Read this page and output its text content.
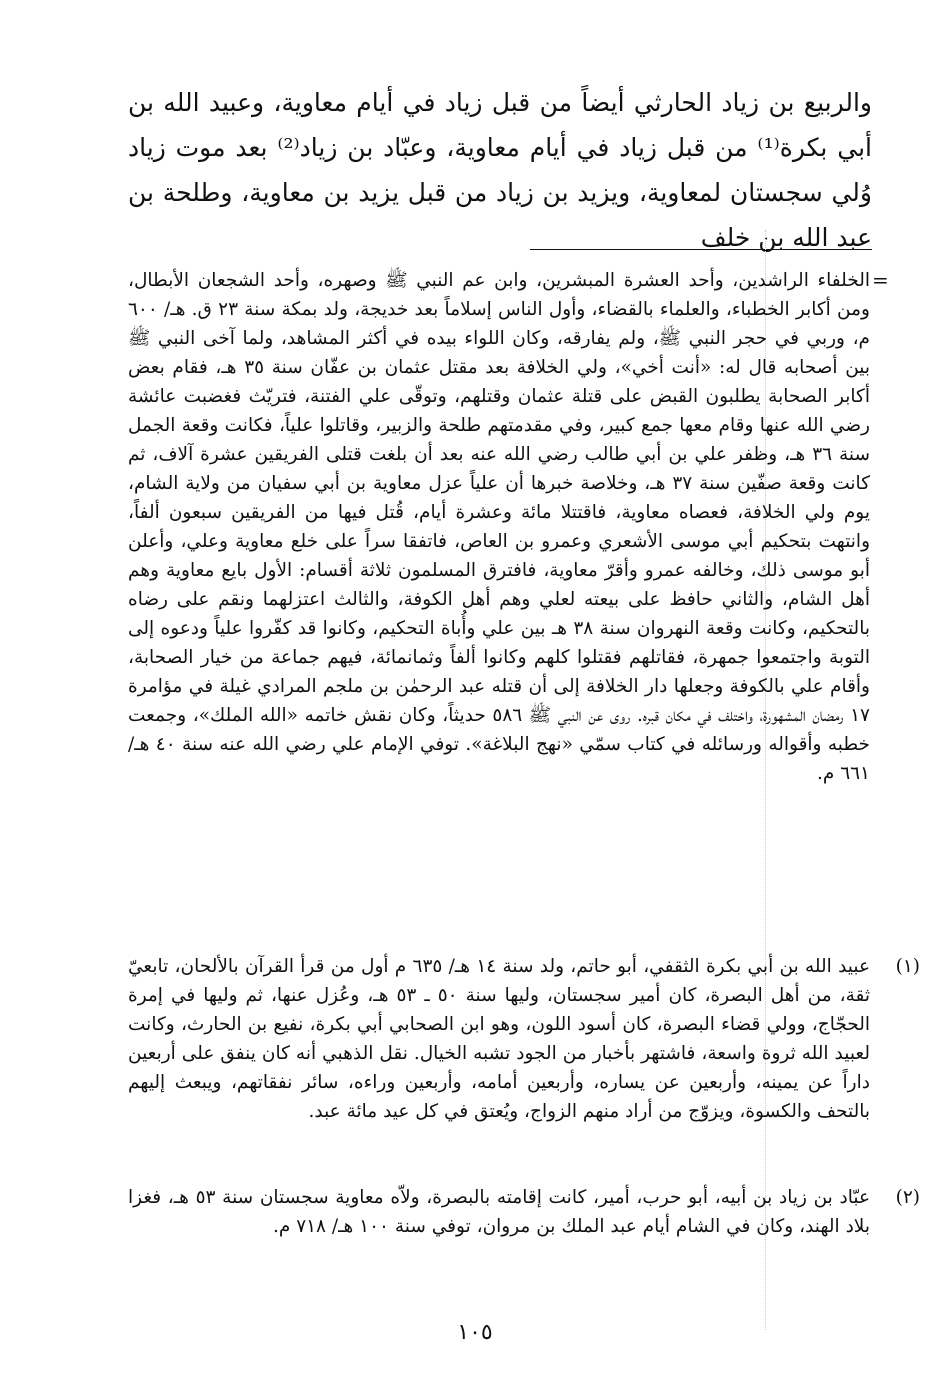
والربيع بن زياد الحارثي أيضاً من قبل زياد في أيام معاوية، وعبيد الله بن أبي بكرة⁽¹⁾ من قبل زياد في أيام معاوية، وعبّاد بن زياد⁽²⁾ بعد موت زياد وُلي سجستان لمعاوية، ويزيد بن زياد من قبل يزيد بن معاوية، وطلحة بن عبد الله بن خلف

=

الخلفاء الراشدين، وأحد العشرة المبشرين، وابن عم النبي ﷺ وصهره، وأحد الشجعان الأبطال، ومن أكابر الخطباء، والعلماء بالقضاء، وأول الناس إسلاماً بعد خديجة، ولد بمكة سنة ٢٣ ق. هـ/ ٦٠٠ م، وربي في حجر النبي ﷺ، ولم يفارقه، وكان اللواء بيده في أكثر المشاهد، ولما آخى النبي ﷺ بين أصحابه قال له: «أنت أخي»، ولي الخلافة بعد مقتل عثمان بن عفّان سنة ٣٥ هـ، فقام بعض أكابر الصحابة يطلبون القبض على قتلة عثمان وقتلهم، وتوقّى علي الفتنة، فتريّث فغضبت عائشة رضي الله عنها وقام معها جمع كبير، وفي مقدمتهم طلحة والزبير، وقاتلوا علياً، فكانت وقعة الجمل سنة ٣٦ هـ، وظفر علي بن أبي طالب رضي الله عنه بعد أن بلغت قتلى الفريقين عشرة آلاف، ثم كانت وقعة صفّين سنة ٣٧ هـ، وخلاصة خبرها أن علياً عزل معاوية بن أبي سفيان من ولاية الشام، يوم ولي الخلافة، فعصاه معاوية، فاقتتلا مائة وعشرة أيام، قُتل فيها من الفريقين سبعون ألفاً، وانتهت بتحكيم أبي موسى الأشعري وعمرو بن العاص، فاتفقا سراً على خلع معاوية وعلي، وأعلن أبو موسى ذلك، وخالفه عمرو وأقرّ معاوية، فافترق المسلمون ثلاثة أقسام: الأول بايع معاوية وهم أهل الشام، والثاني حافظ على بيعته لعلي وهم أهل الكوفة، والثالث اعتزلهما ونقم على رضاه بالتحكيم، وكانت وقعة النهروان سنة ٣٨ هـ بين علي وأُباة التحكيم، وكانوا قد كفّروا علياً ودعوه إلى التوبة واجتمعوا جمهرة، فقاتلهم فقتلوا كلهم وكانوا ألفاً وثمانمائة، فيهم جماعة من خيار الصحابة، وأقام علي بالكوفة وجعلها دار الخلافة إلى أن قتله عبد الرحمٰن بن ملجم المرادي غيلة في مؤامرة ١٧ رمضان المشهورة، واختلف في مكان قبره. روى عن النبي ﷺ ٥٨٦ حديثاً، وكان نقش خاتمه «الله الملك»، وجمعت خطبه وأقواله ورسائله في كتاب سمّي «نهج البلاغة». توفي الإمام علي رضي الله عنه سنة ٤٠ هـ/ ٦٦١ م.

(١)

عبيد الله بن أبي بكرة الثقفي، أبو حاتم، ولد سنة ١٤ هـ/ ٦٣٥ م أول من قرأ القرآن بالألحان، تابعيّ ثقة، من أهل البصرة، كان أمير سجستان، وليها سنة ٥٠ ـ ٥٣ هـ، وعُزل عنها، ثم وليها في إمرة الحجّاج، وولي قضاء البصرة، كان أسود اللون، وهو ابن الصحابي أبي بكرة، نفيع بن الحارث، وكانت لعبيد الله ثروة واسعة، فاشتهر بأخبار من الجود تشبه الخيال. نقل الذهبي أنه كان ينفق على أربعين داراً عن يمينه، وأربعين عن يساره، وأربعين أمامه، وأربعين وراءه، سائر نفقاتهم، ويبعث إليهم بالتحف والكسوة، ويزوّج من أراد منهم الزواج، ويُعتق في كل عيد مائة عبد.

(٢)

عبّاد بن زياد بن أبيه، أبو حرب، أمير، كانت إقامته بالبصرة، ولاّه معاوية سجستان سنة ٥٣ هـ، فغزا بلاد الهند، وكان في الشام أيام عبد الملك بن مروان، توفي سنة ١٠٠ هـ/ ٧١٨ م.

١٠٥
